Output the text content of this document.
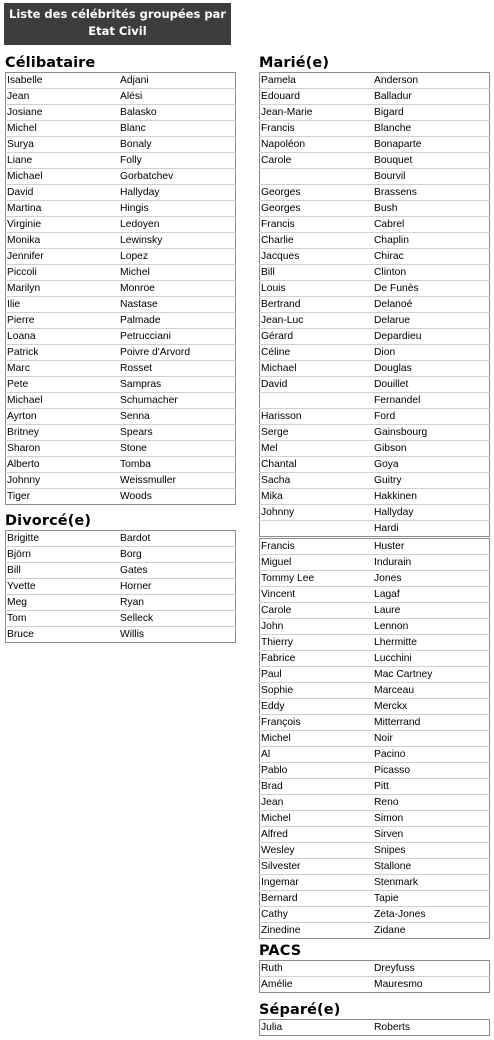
Liste des célébrités groupées par
Etat Civil
Célibataire
Isabelle	Adjani
Jean	Alési
Josiane	Balasko
Michel	Blanc
Surya	Bonaly
Liane	Folly
Michael	Gorbatchev
David	Hallyday
Martina	Hingis
Virginie	Ledoyen
Monika	Lewinsky
Jennifer	Lopez
Piccoli	Michel
Marilyn	Monroe
Ilie	Nastase
Pierre	Palmade
Loana	Petrucciani
Patrick	Poivre d'Arvord
Marc	Rosset
Pete	Sampras
Michael	Schumacher
Ayrton	Senna
Britney	Spears
Sharon	Stone
Alberto	Tomba
Johnny	Weissmuller
Tiger	Woods
Divorcé(e)
Brigitte	Bardot
Björn	Borg
Bill	Gates
Yvette	Horner
Meg	Ryan
Tom	Selleck
Bruce	Willis
Marié(e)
Pamela	Anderson
Edouard	Balladur
Jean-Marie	Bigard
Francis	Blanche
Napoléon	Bonaparte
Carole	Bouquet
	Bourvil
Georges	Brassens
Georges	Bush
Francis	Cabrel
Charlie	Chaplin
Jacques	Chirac
Bill	Clinton
Louis	De Funès
Bertrand	Delanoé
Jean-Luc	Delarue
Gérard	Depardieu
Céline	Dion
Michael	Douglas
David	Douillet
	Fernandel
Harisson	Ford
Serge	Gainsbourg
Mel	Gibson
Chantal	Goya
Sacha	Guitry
Mika	Hakkinen
Johnny	Hallyday
	Hardi
Francis	Huster
Miguel	Indurain
Tommy Lee	Jones
Vincent	Lagaf
Carole	Laure
John	Lennon
Thierry	Lhermitte
Fabrice	Lucchini
Paul	Mac Cartney
Sophie	Marceau
Eddy	Merckx
François	Mitterrand
Michel	Noir
Al	Pacino
Pablo	Picasso
Brad	Pitt
Jean	Reno
Michel	Simon
Alfred	Sirven
Wesley	Snipes
Silvester	Stallone
Ingemar	Stenmark
Bernard	Tapie
Cathy	Zeta-Jones
Zinedine	Zidane
PACS
Ruth	Dreyfuss
Amélie	Mauresmo
Séparé(e)
Julia	Roberts
